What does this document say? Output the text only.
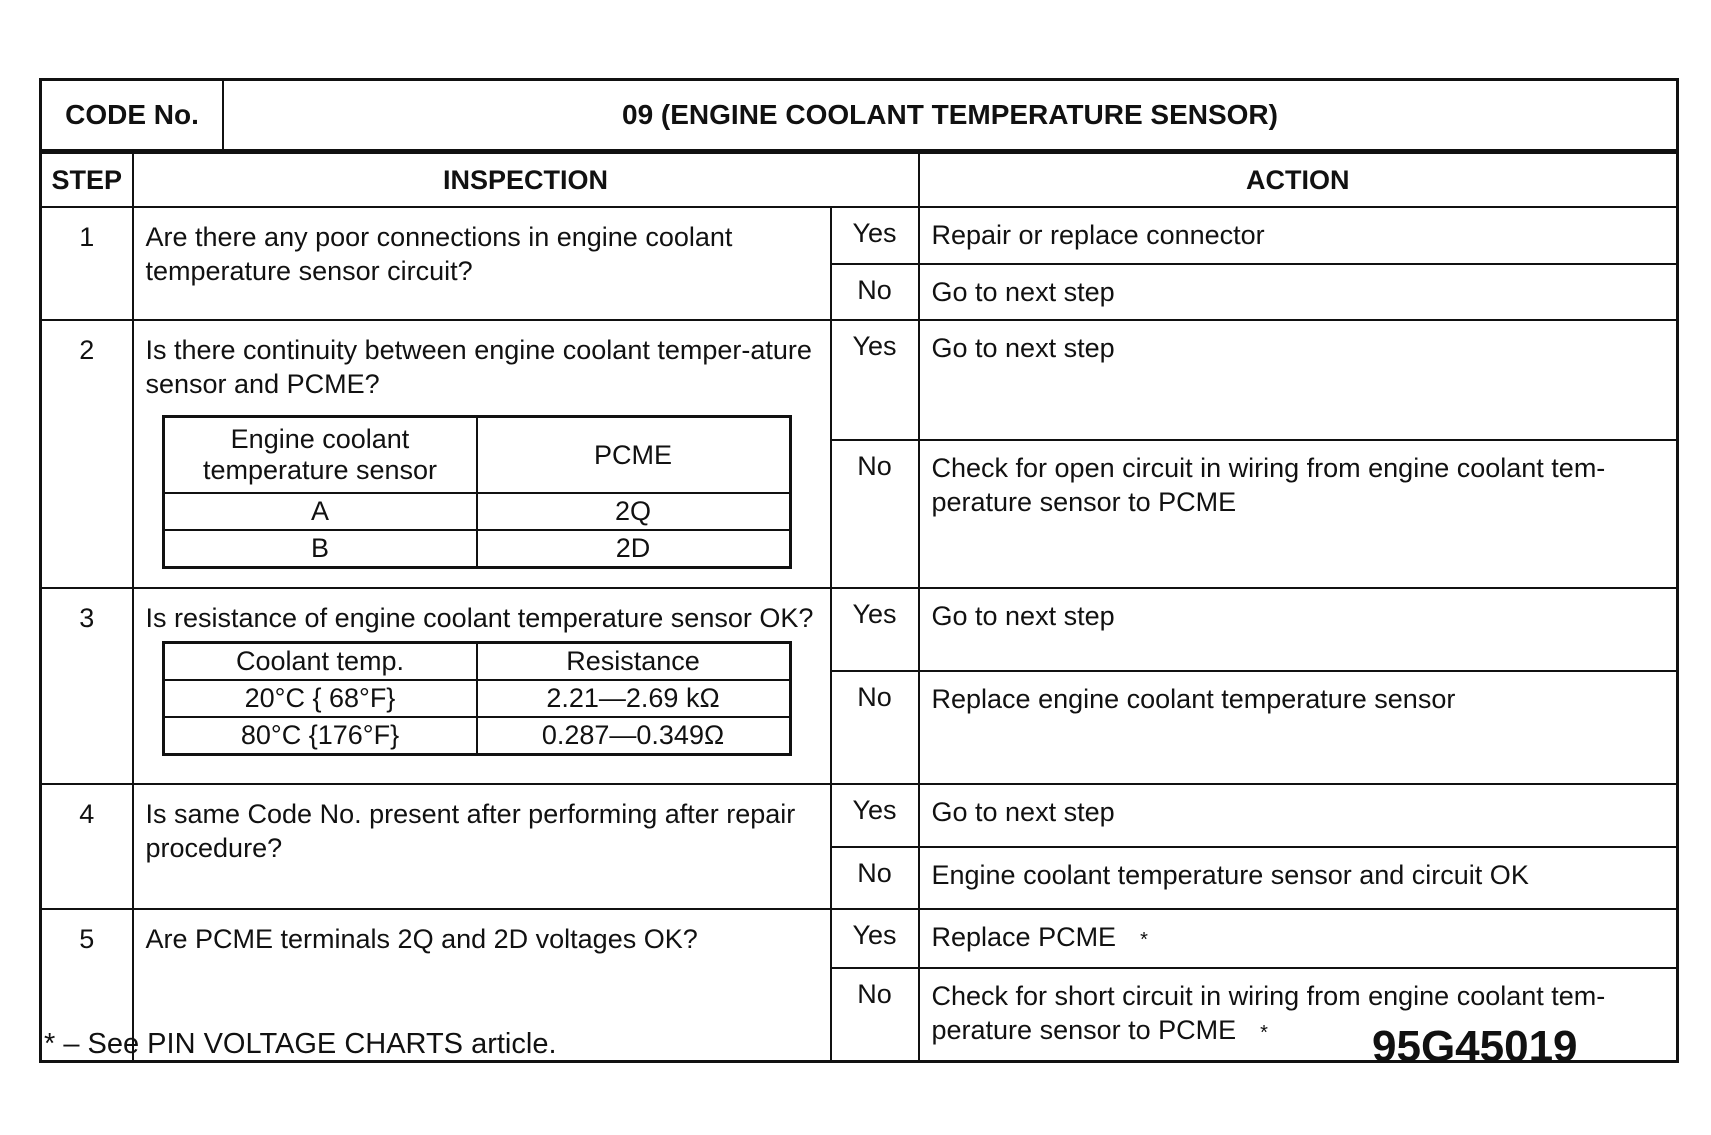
CODE No.	09 (ENGINE COOLANT TEMPERATURE SENSOR)
STEP	INSPECTION	ACTION
1	Are there any poor connections in engine coolant temperature sensor circuit?	Yes	Repair or replace connector
No	Go to next step
2	Is there continuity between engine coolant temper-ature sensor and PCME?
Engine coolant temperature sensor	PCME
A	2Q
B	2D
	Yes	Go to next step
No	Check for open circuit in wiring from engine coolant tem-perature sensor to PCME
3	Is resistance of engine coolant temperature sensor OK?
Coolant temp.	Resistance
20°C { 68°F}	2.21—2.69 kΩ
80°C {176°F}	0.287—0.349Ω
	Yes	Go to next step
No	Replace engine coolant temperature sensor
4	Is same Code No. present after performing after repair procedure?	Yes	Go to next step
No	Engine coolant temperature sensor and circuit OK
5	Are PCME terminals 2Q and 2D voltages OK?	Yes	Replace PCME *
No	Check for short circuit in wiring from engine coolant tem-perature sensor to PCME *
* – See PIN VOLTAGE CHARTS article.	95G45019
